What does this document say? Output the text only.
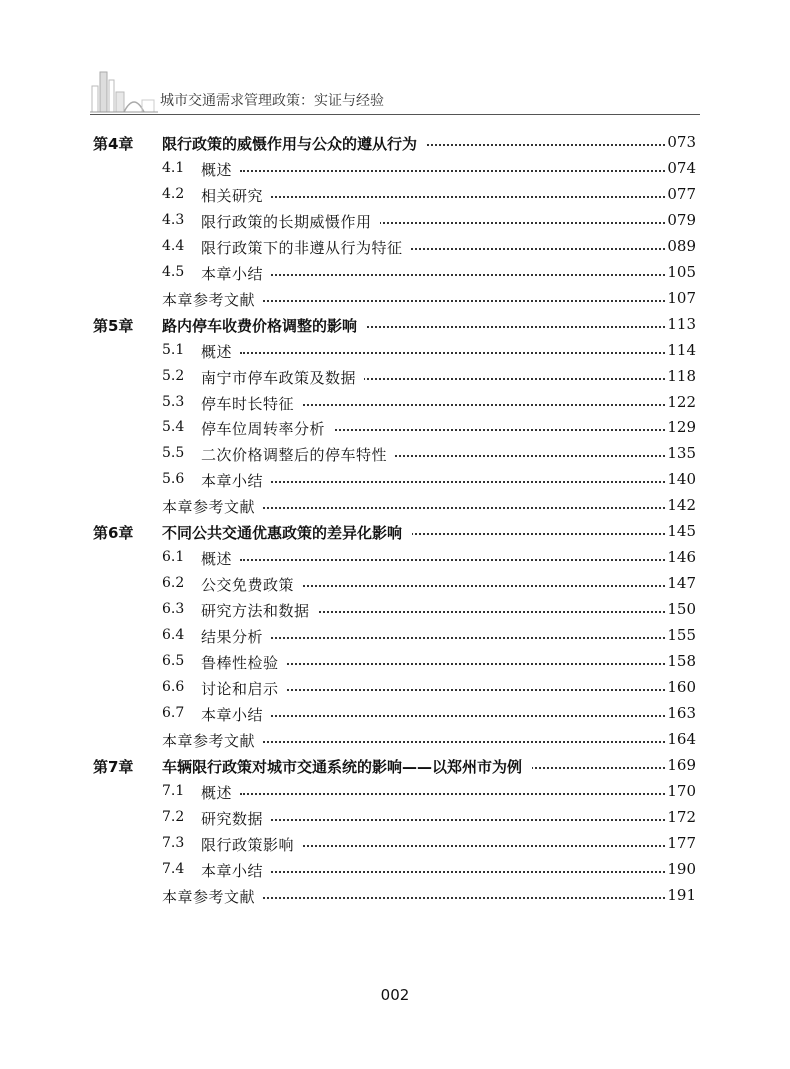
城市交通需求管理政策：实证与经验
第4章 限行政策的威慑作用与公众的遵从行为	073
4.1 概述	074
4.2 相关研究	077
4.3 限行政策的长期威慑作用	079
4.4 限行政策下的非遵从行为特征	089
4.5 本章小结	105
本章参考文献	107
第5章 路内停车收费价格调整的影响	113
5.1 概述	114
5.2 南宁市停车政策及数据	118
5.3 停车时长特征	122
5.4 停车位周转率分析	129
5.5 二次价格调整后的停车特性	135
5.6 本章小结	140
本章参考文献	142
第6章 不同公共交通优惠政策的差异化影响	145
6.1 概述	146
6.2 公交免费政策	147
6.3 研究方法和数据	150
6.4 结果分析	155
6.5 鲁棒性检验	158
6.6 讨论和启示	160
6.7 本章小结	163
本章参考文献	164
第7章 车辆限行政策对城市交通系统的影响——以郑州市为例	169
7.1 概述	170
7.2 研究数据	172
7.3 限行政策影响	177
7.4 本章小结	190
本章参考文献	191
002
